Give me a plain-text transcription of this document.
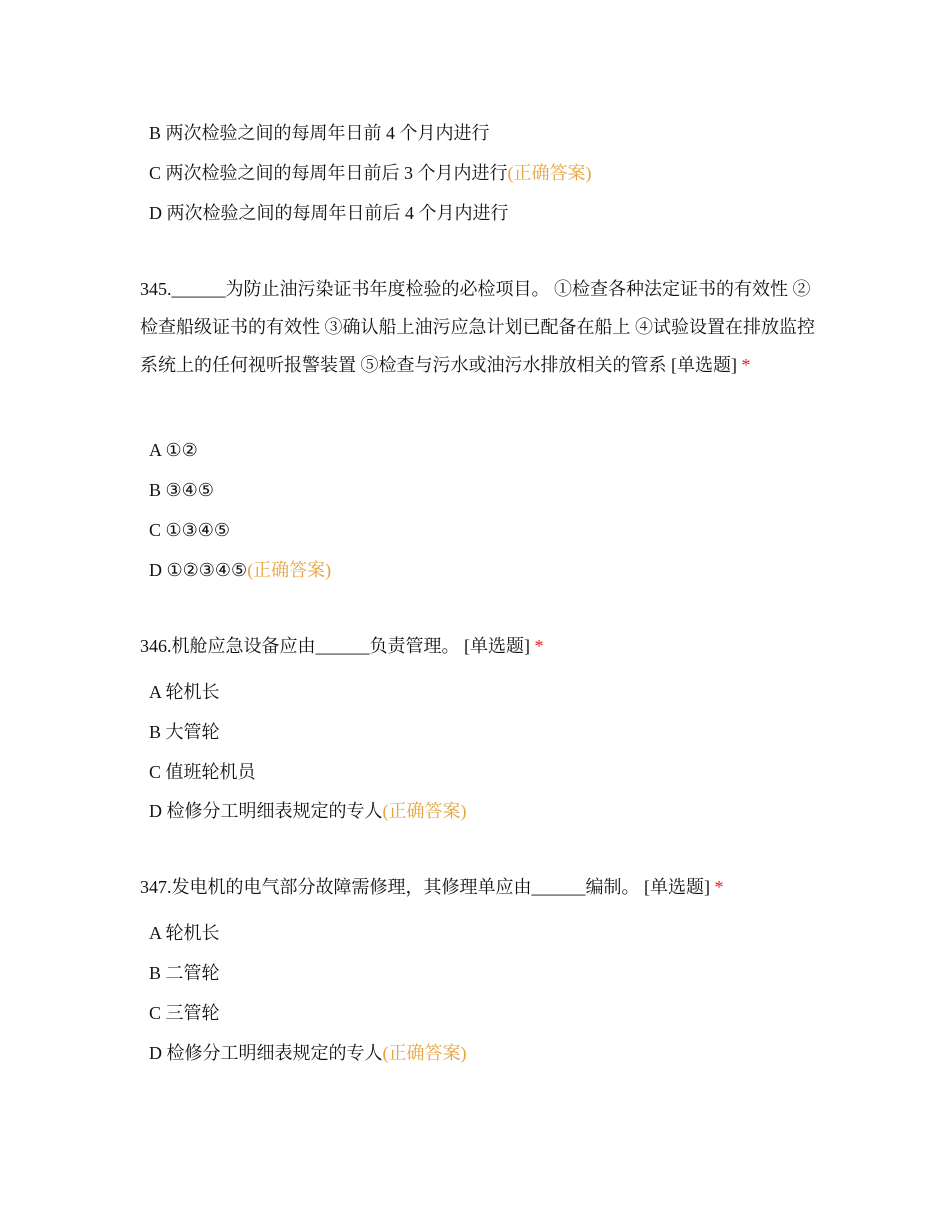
B 两次检验之间的每周年日前 4 个月内进行
C 两次检验之间的每周年日前后 3 个月内进行(正确答案)
D 两次检验之间的每周年日前后 4 个月内进行
345.______为防止油污染证书年度检验的必检项目。 ①检查各种法定证书的有效性 ②检查船级证书的有效性 ③确认船上油污应急计划已配备在船上 ④试验设置在排放监控系统上的任何视听报警装置 ⑤检查与污水或油污水排放相关的管系 [单选题] *
A ①②
B ③④⑤
C ①③④⑤
D ①②③④⑤(正确答案)
346.机舱应急设备应由______负责管理。 [单选题] *
A 轮机长
B 大管轮
C 值班轮机员
D 检修分工明细表规定的专人(正确答案)
347.发电机的电气部分故障需修理，其修理单应由______编制。 [单选题] *
A 轮机长
B 二管轮
C 三管轮
D 检修分工明细表规定的专人(正确答案)
